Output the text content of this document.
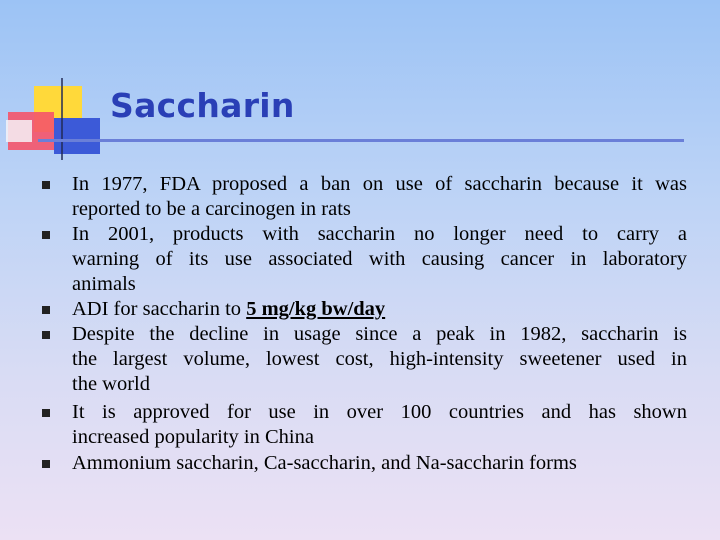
Saccharin
In 1977, FDA proposed a ban on use of saccharin because it was
reported to be a carcinogen in rats
In 2001, products with saccharin no longer need to carry a
warning of its use associated with causing cancer in laboratory
animals
ADI for saccharin to 5 mg/kg bw/day
Despite the decline in usage since a peak in 1982, saccharin is
the largest volume, lowest cost, high-intensity sweetener used in
the world
It is approved for use in over 100 countries and has shown
increased popularity in China
Ammonium saccharin, Ca-saccharin, and Na-saccharin forms
